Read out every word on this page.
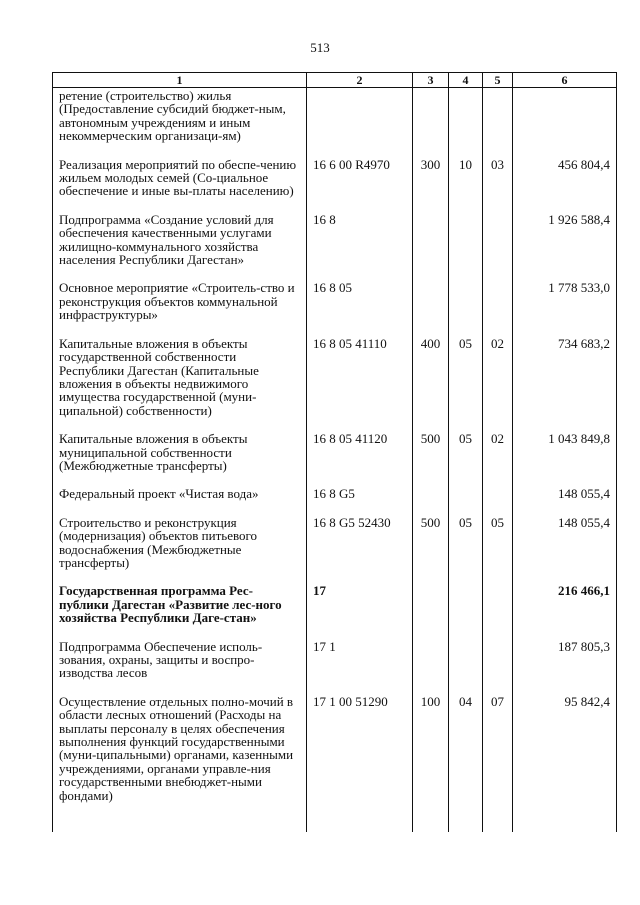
513
1	2	3	4	5	6
ретение (строительство) жилья (Предоставление субсидий бюджет-ным, автономным учреждениям и иным некоммерческим организаци-ям)					
Реализация мероприятий по обеспе-чению жильем молодых семей (Со-циальное обеспечение и иные вы-платы населению)	16 6 00 R4970	300	10	03	456 804,4
Подпрограмма «Создание условий для обеспечения качественными услугами жилищно-коммунального хозяйства населения Республики Дагестан»	16 8				1 926 588,4
Основное мероприятие «Строитель-ство и реконструкция объектов коммунальной инфраструктуры»	16 8 05				1 778 533,0
Капитальные вложения в объекты государственной собственности Республики Дагестан (Капитальные вложения в объекты недвижимого имущества государственной (муни-ципальной) собственности)	16 8 05 41110	400	05	02	734 683,2
Капитальные вложения в объекты муниципальной собственности (Межбюджетные трансферты)	16 8 05 41120	500	05	02	1 043 849,8
Федеральный проект «Чистая вода»	16 8 G5				148 055,4
Строительство и реконструкция (модернизация) объектов питьевого водоснабжения (Межбюджетные трансферты)	16 8 G5 52430	500	05	05	148 055,4
Государственная программа Рес-публики Дагестан «Развитие лес-ного хозяйства Республики Даге-стан»	17				216 466,1
Подпрограмма Обеспечение исполь-зования, охраны, защиты и воспро-изводства лесов	17 1				187 805,3
Осуществление отдельных полно-мочий в области лесных отношений (Расходы на выплаты персоналу в целях обеспечения выполнения функций государственными (муни-ципальными) органами, казенными учреждениями, органами управле-ния государственными внебюджет-ными фондами)	17 1 00 51290	100	04	07	95 842,4
